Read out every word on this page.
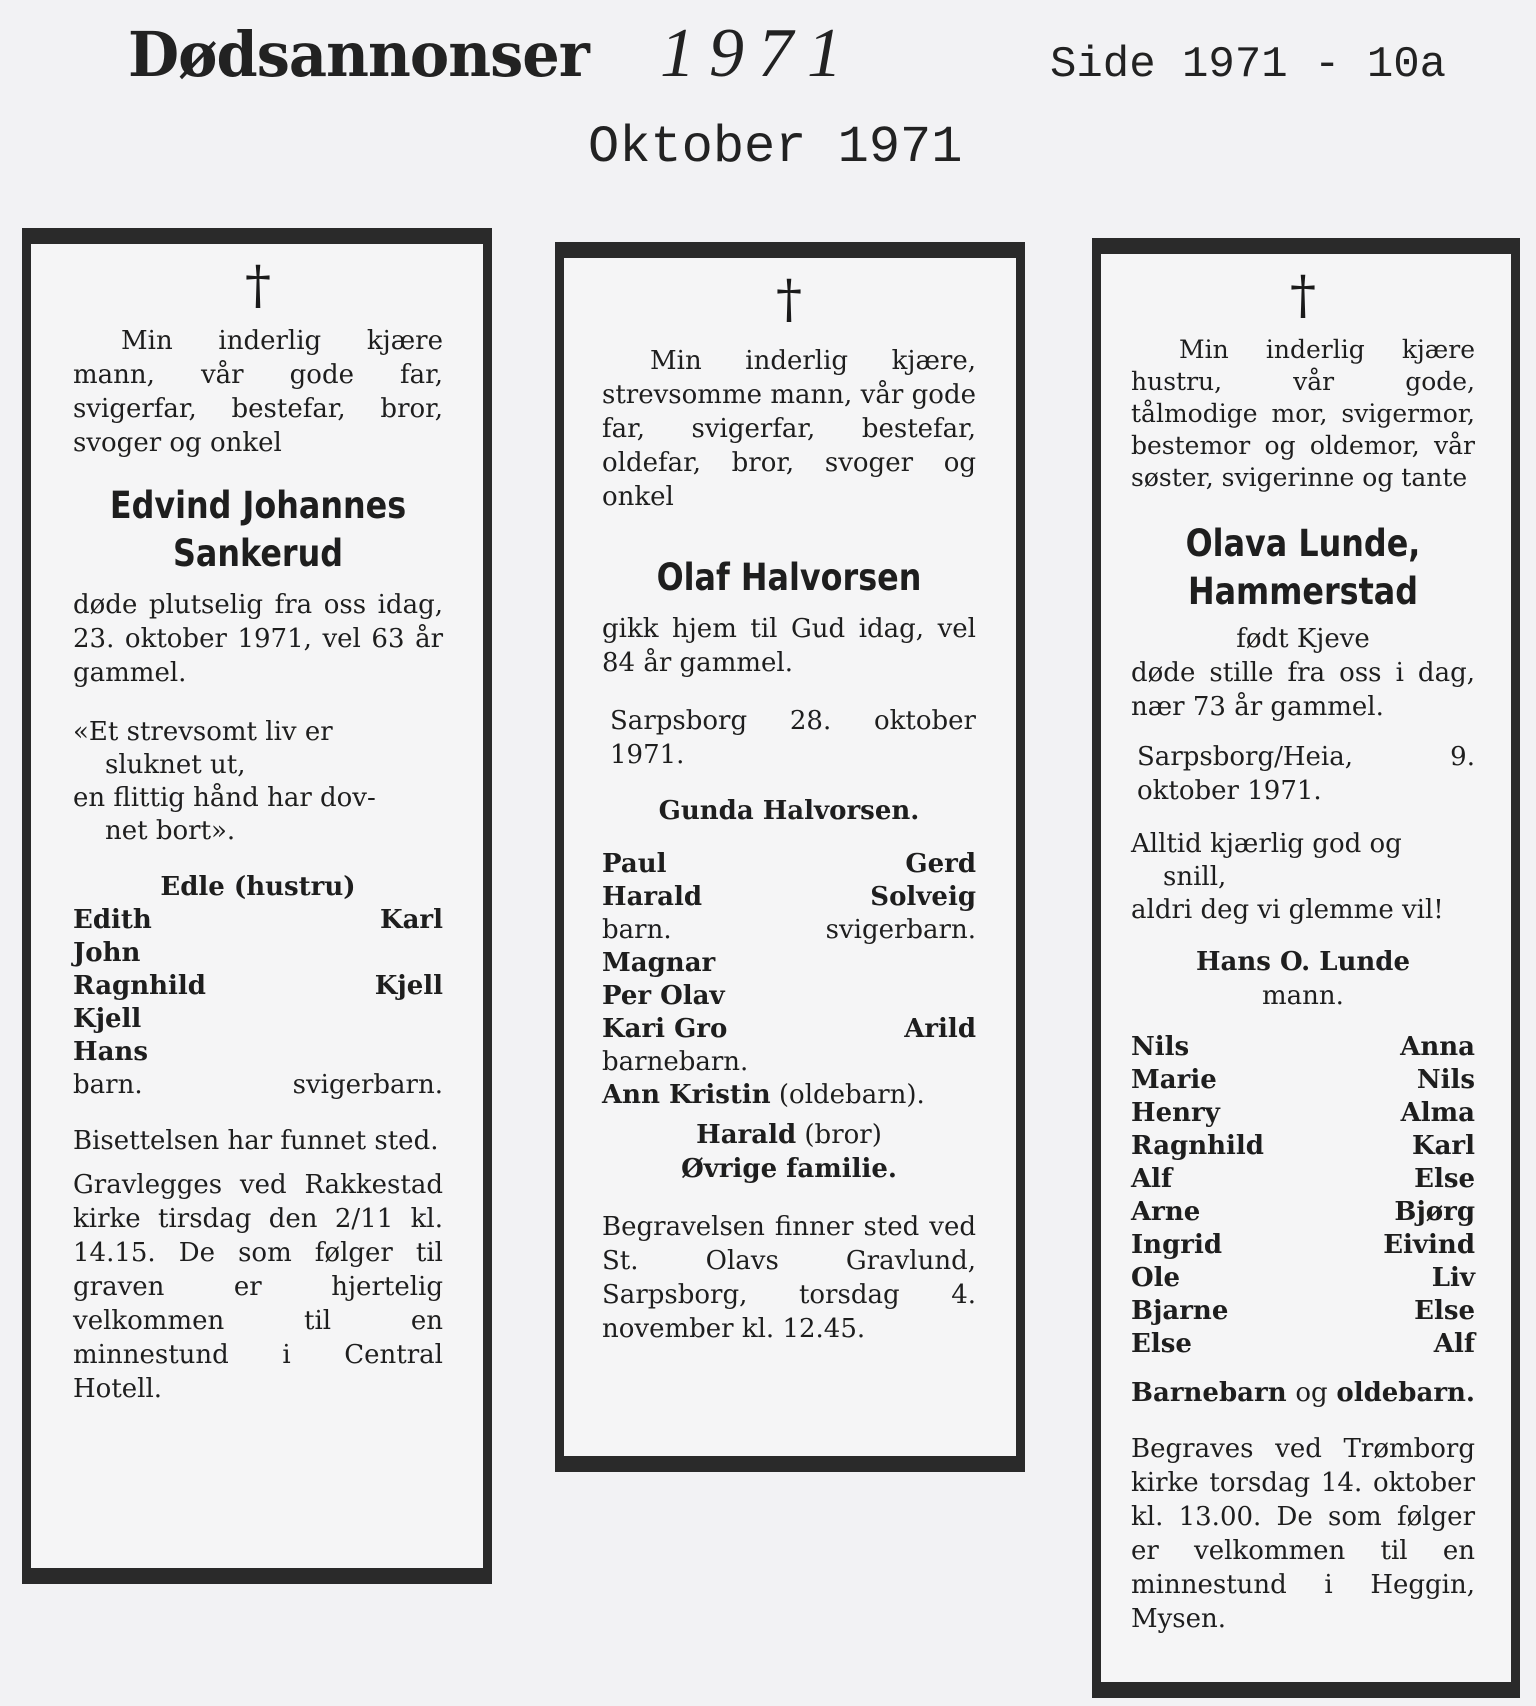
Dødsannonser 1971	Side 1971 - 10a
Oktober 1971
†

Min inderlig kjære mann, vår gode far, svigerfar, bestefar, bror, svoger og onkel

Edvind Johannes
Sankerud

døde plutselig fra oss idag, 23. oktober 1971, vel 63 år gammel.

«Et strevsomt liv er
sluknet ut,
en flittig hånd har dov-
net bort».
Edle (hustru)
Edith	Karl
John
Ragnhild	Kjell
Kjell
Hans
barn.	svigerbarn.

Bisettelsen har funnet sted.

Gravlegges ved Rakkestad kirke tirsdag den 2/11 kl. 14.15. De som følger til graven er hjertelig velkommen til en minnestund i Central Hotell.

†

Min inderlig kjære, strevsomme mann, vår gode far, svigerfar, bestefar, oldefar, bror, svoger og onkel

Olaf Halvorsen

gikk hjem til Gud idag, vel 84 år gammel.

Sarpsborg 28. oktober 1971.

Gunda Halvorsen.
Paul	Gerd
Harald	Solveig
barn.	svigerbarn.
Magnar
Per Olav
Kari Gro	Arild
barnebarn.
Ann Kristin (oldebarn).
Harald (bror)
Øvrige familie.

Begravelsen finner sted ved St. Olavs Gravlund, Sarpsborg, torsdag 4. november kl. 12.45.

†

Min inderlig kjære hustru, vår gode, tålmodige mor, svigermor, bestemor og oldemor, vår søster, svigerinne og tante

Olava Lunde,
Hammerstad
født Kjeve

døde stille fra oss i dag, nær 73 år gammel.

Sarpsborg/Heia, 9. oktober 1971.

Alltid kjærlig god og
snill,
aldri deg vi glemme vil!
Hans O. Lunde
mann.
Nils	Anna
Marie	Nils
Henry	Alma
Ragnhild	Karl
Alf	Else
Arne	Bjørg
Ingrid	Eivind
Ole	Liv
Bjarne	Else
Else	Alf
Barnebarn og oldebarn.

Begraves ved Trømborg kirke torsdag 14. oktober kl. 13.00. De som følger er velkommen til en minnestund i Heggin, Mysen.
